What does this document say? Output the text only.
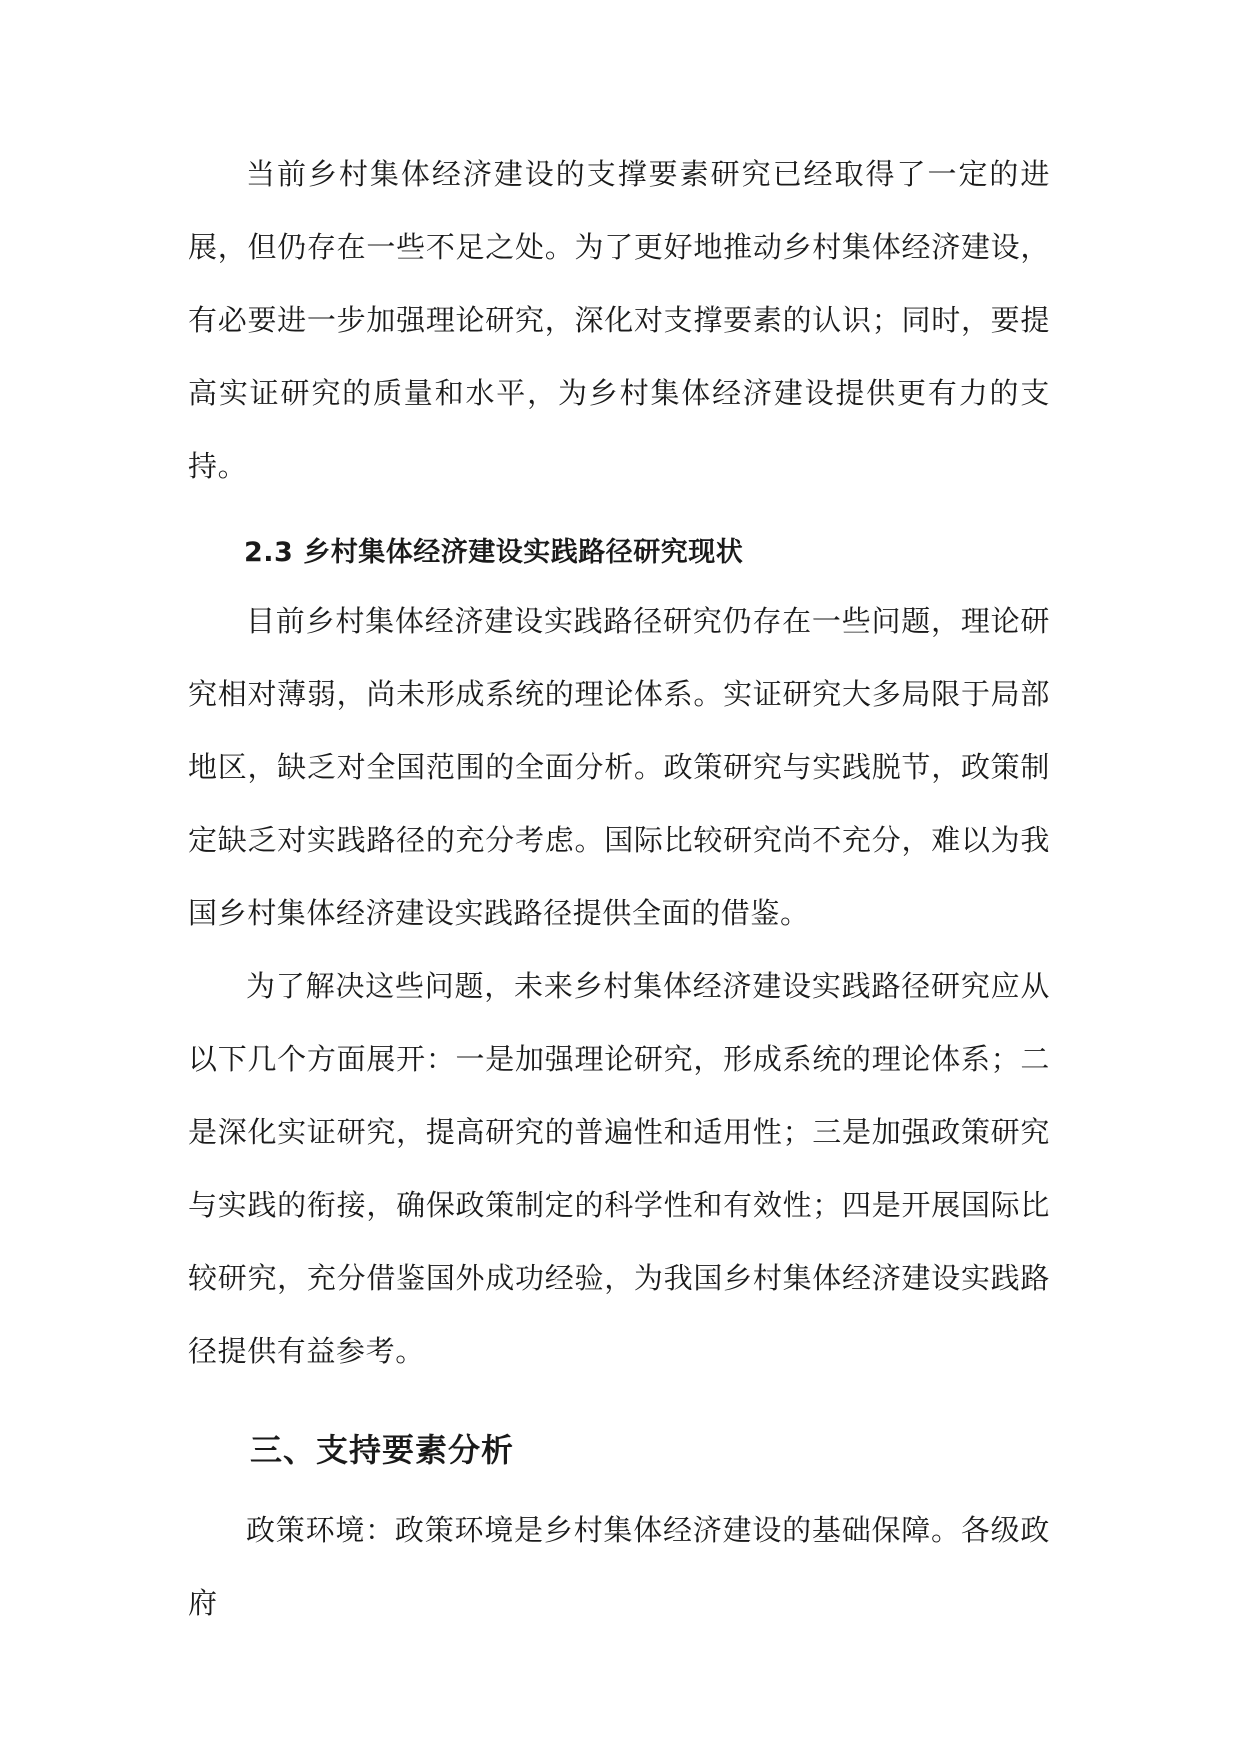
当前乡村集体经济建设的支撑要素研究已经取得了一定的进展，但仍存在一些不足之处。为了更好地推动乡村集体经济建设，有必要进一步加强理论研究，深化对支撑要素的认识；同时，要提高实证研究的质量和水平，为乡村集体经济建设提供更有力的支持。

2.3 乡村集体经济建设实践路径研究现状

目前乡村集体经济建设实践路径研究仍存在一些问题，理论研究相对薄弱，尚未形成系统的理论体系。实证研究大多局限于局部地区，缺乏对全国范围的全面分析。政策研究与实践脱节，政策制定缺乏对实践路径的充分考虑。国际比较研究尚不充分，难以为我国乡村集体经济建设实践路径提供全面的借鉴。

为了解决这些问题，未来乡村集体经济建设实践路径研究应从以下几个方面展开：一是加强理论研究，形成系统的理论体系；二是深化实证研究，提高研究的普遍性和适用性；三是加强政策研究与实践的衔接，确保政策制定的科学性和有效性；四是开展国际比较研究，充分借鉴国外成功经验，为我国乡村集体经济建设实践路径提供有益参考。

三、支持要素分析

政策环境：政策环境是乡村集体经济建设的基础保障。各级政府
